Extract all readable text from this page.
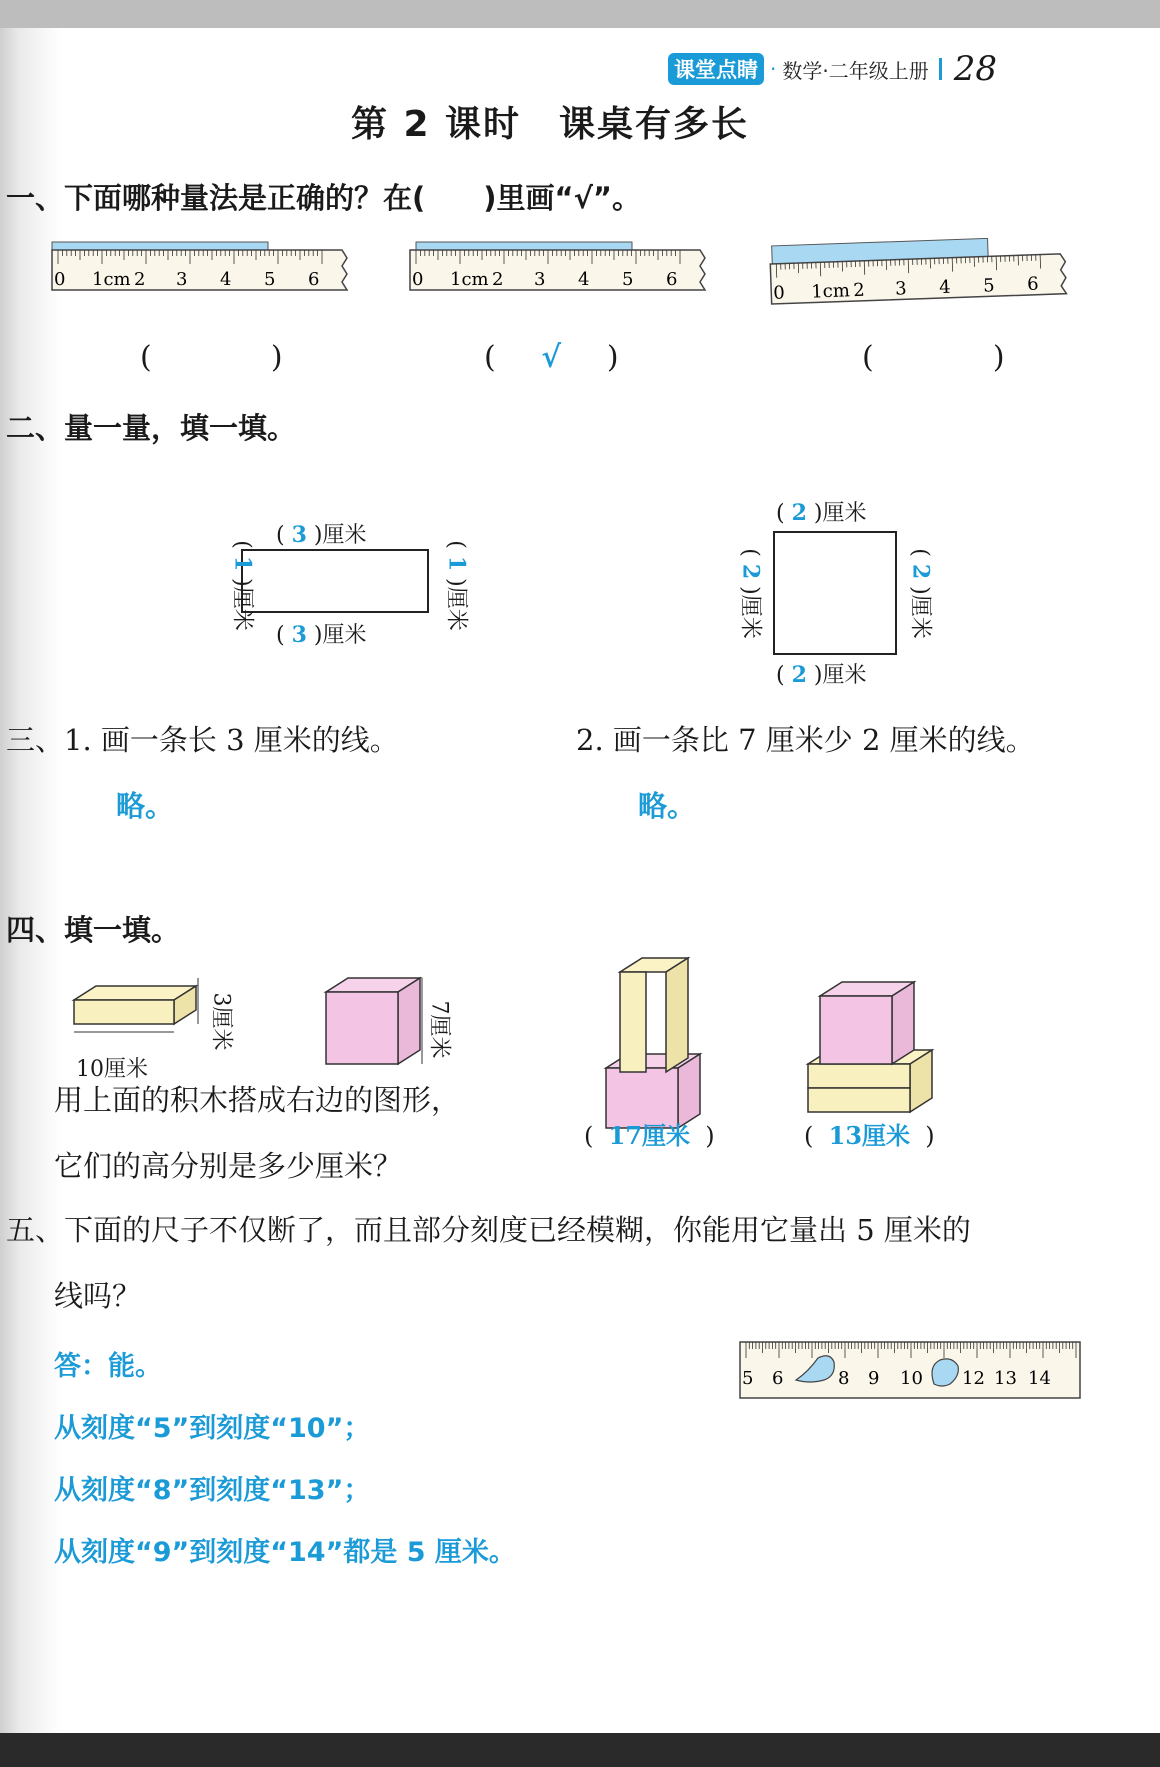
课堂点睛 · 数学·二年级上册 28
第 2 课时　课桌有多长
一、下面哪种量法是正确的？在(　　)里画“√”。
0 1cm 2 3 4 5 6	0 1cm 2 3 4 5 6
0 1cm 2 3 4 5 6
(	)	( √ )	(	)
二、量一量，填一填。
( 3 )厘米
( 3 )厘米
( 1 )厘米
( 1 )厘米
( 2 )厘米
( 2 )厘米
( 2 )厘米
( 2 )厘米
三、1. 画一条长 3 厘米的线。	2. 画一条比 7 厘米少 2 厘米的线。
略。	略。
四、填一填。
10厘米
3厘米	7厘米
用上面的积木搭成右边的图形，
它们的高分别是多少厘米？
(  17厘米  )	(  13厘米  )
五、下面的尺子不仅断了，而且部分刻度已经模糊，你能用它量出 5 厘米的
线吗？
5 6	8 9 10 12 13 14
答：能。
从刻度“5”到刻度“10”；
从刻度“8”到刻度“13”；
从刻度“9”到刻度“14”都是 5 厘米。
